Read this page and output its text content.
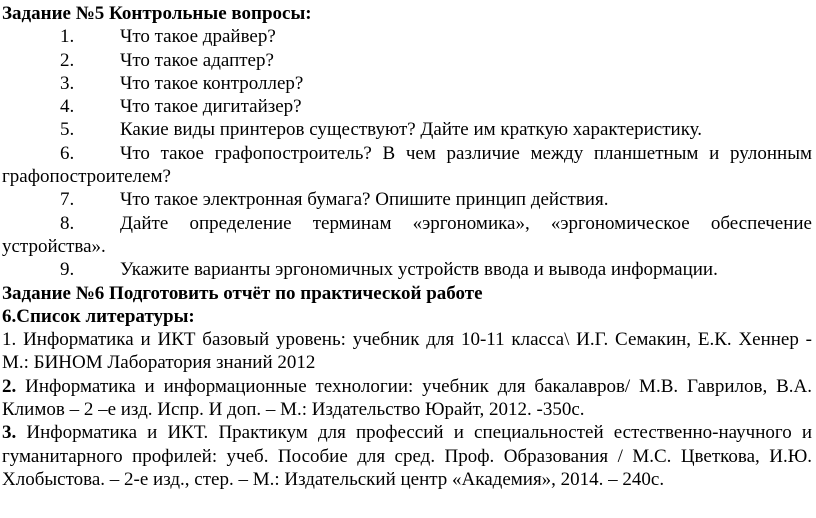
Задание №5 Контрольные вопросы:

1.	Что такое драйвер?

2.	Что такое адаптер?

3.	Что такое контроллер?

4.	Что такое дигитайзер?

5.	Какие виды принтеров существуют? Дайте им краткую характеристику.

6.	Что такое графопостроитель? В чем различие между планшетным и рулонным графопостроителем?

7.	Что такое электронная бумага? Опишите принцип действия.

8.	Дайте определение терминам «эргономика», «эргономическое обеспечение устройства».

9.	Укажите варианты эргономичных устройств ввода и вывода информации.

Задание №6 Подготовить отчёт по практической работе

6.Список литературы:

1. Информатика и ИКТ базовый уровень: учебник для 10-11 класса\ И.Г. Семакин, Е.К. Хеннер - М.: БИНОМ Лаборатория знаний 2012

2. Информатика и информационные технологии: учебник для бакалавров/ М.В. Гаврилов, В.А. Климов – 2 –е изд. Испр. И доп. – М.: Издательство Юрайт, 2012. -350с.

3. Информатика и ИКТ. Практикум для профессий и специальностей естественно-научного и гуманитарного профилей: учеб. Пособие для сред. Проф. Образования / М.С. Цветкова, И.Ю. Хлобыстова. – 2-е изд., стер. – М.: Издательский центр «Академия», 2014. – 240с.
